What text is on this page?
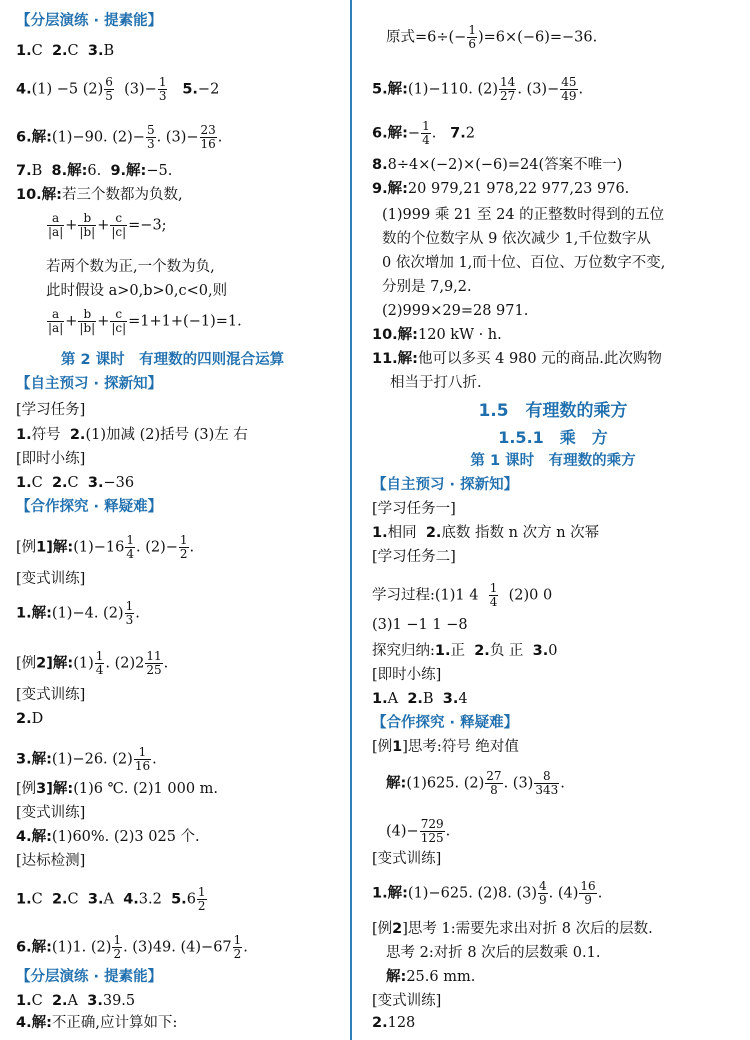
【分层演练 · 提素能】
1.C 2.C 3.B
4.(1) −5 $(2) \frac{6}{5} (3)- \frac{1}{3} 5.-2$
6.解:(1)−90. $(2)- \frac{5}{3}$ . $(3)- \frac{23}{16}$ .
7.B 8.解:6. 9.解:−5.
10.解:若三个数都为负数,
$\frac{a}{|a|} + \frac{b}{|b|} + \frac{c}{|c|} =-3$;
若两个数为正,一个数为负,
此时假设 a>0,b>0,c<0,则
$\frac{a}{|a|} + \frac{b}{|b|} + \frac{c}{|c|} =1+1+(-1)=1$.
第 2 课时　有理数的四则混合运算
【自主预习 · 探新知】
[学习任务]
1.符号 2.(1)加减 (2)括号 (3)左 右
[即时小练]
1.C 2.C 3.−36
【合作探究 · 释疑难】
[例1]解:(1)−16 $\frac{1}{4}$ . $(2)- \frac{1}{2}$ .
[变式训练]
1.解:(1)−4. $(2) \frac{1}{3}$ .
[例2]解:(1) $\frac{1}{4}$ . $(2)2 \frac{11}{25}$ .
[变式训练]
2.D
3.解:(1)−26. $(2) \frac{1}{16}$ .
[例3]解:(1)6 ℃. (2)1 000 m.
[变式训练]
4.解:(1)60%. (2)3 025 个.
[达标检测]
1.C 2.C 3.A 4.3.2 $5.6 \frac{1}{2}$
6.解:(1)1. $(2) \frac{1}{2}$ . (3)49. $(4)-67 \frac{1}{2}$ .
【分层演练 · 提素能】
1.C 2.A 3.39.5
4.解:不正确,应计算如下:
原式$=6\div(- \frac{1}{6} )=6\times(-6)=-36$.
5.解:(1)−110. $(2) \frac{14}{27}$ . $(3)- \frac{45}{49}$ .
6.解:− $\frac{1}{4}$ . 7.2
8.8÷4×(−2)×(−6)=24(答案不唯一)
9.解:20 979,21 978,22 977,23 976.
(1)999 乘 21 至 24 的正整数时得到的五位
数的个位数字从 9 依次减少 1,千位数字从
0 依次增加 1,而十位、百位、万位数字不变,
分别是 7,9,2.
(2)999×29=28 971.
10.解:120 kW · h.
11.解:他可以多买 4 980 元的商品.此次购物
相当于打八折.
1.5　有理数的乘方
1.5.1　乘　方
第 1 课时　有理数的乘方
【自主预习 · 探新知】
[学习任务一]
1.相同 2.底数 指数 n 次方 n 次幂
[学习任务二]
学习过程:(1)1 $4 \frac{1}{4} (2)0$ 0
(3)1 −1 1 −8
探究归纳:1.正 2.负 正 3.0
[即时小练]
1.A 2.B 3.4
【合作探究 · 释疑难】
[例1]思考:符号 绝对值
解:(1)625. $(2) \frac{27}{8}$ . $(3) \frac{8}{343}$ .
$(4)- \frac{729}{125}$ .
[变式训练]
1.解:(1)−625. (2)8. $(3) \frac{4}{9}$ . $(4) \frac{16}{9}$ .
[例2]思考 1:需要先求出对折 8 次后的层数.
思考 2:对折 8 次后的层数乘 0.1.
解:25.6 mm.
[变式训练]
2.128
